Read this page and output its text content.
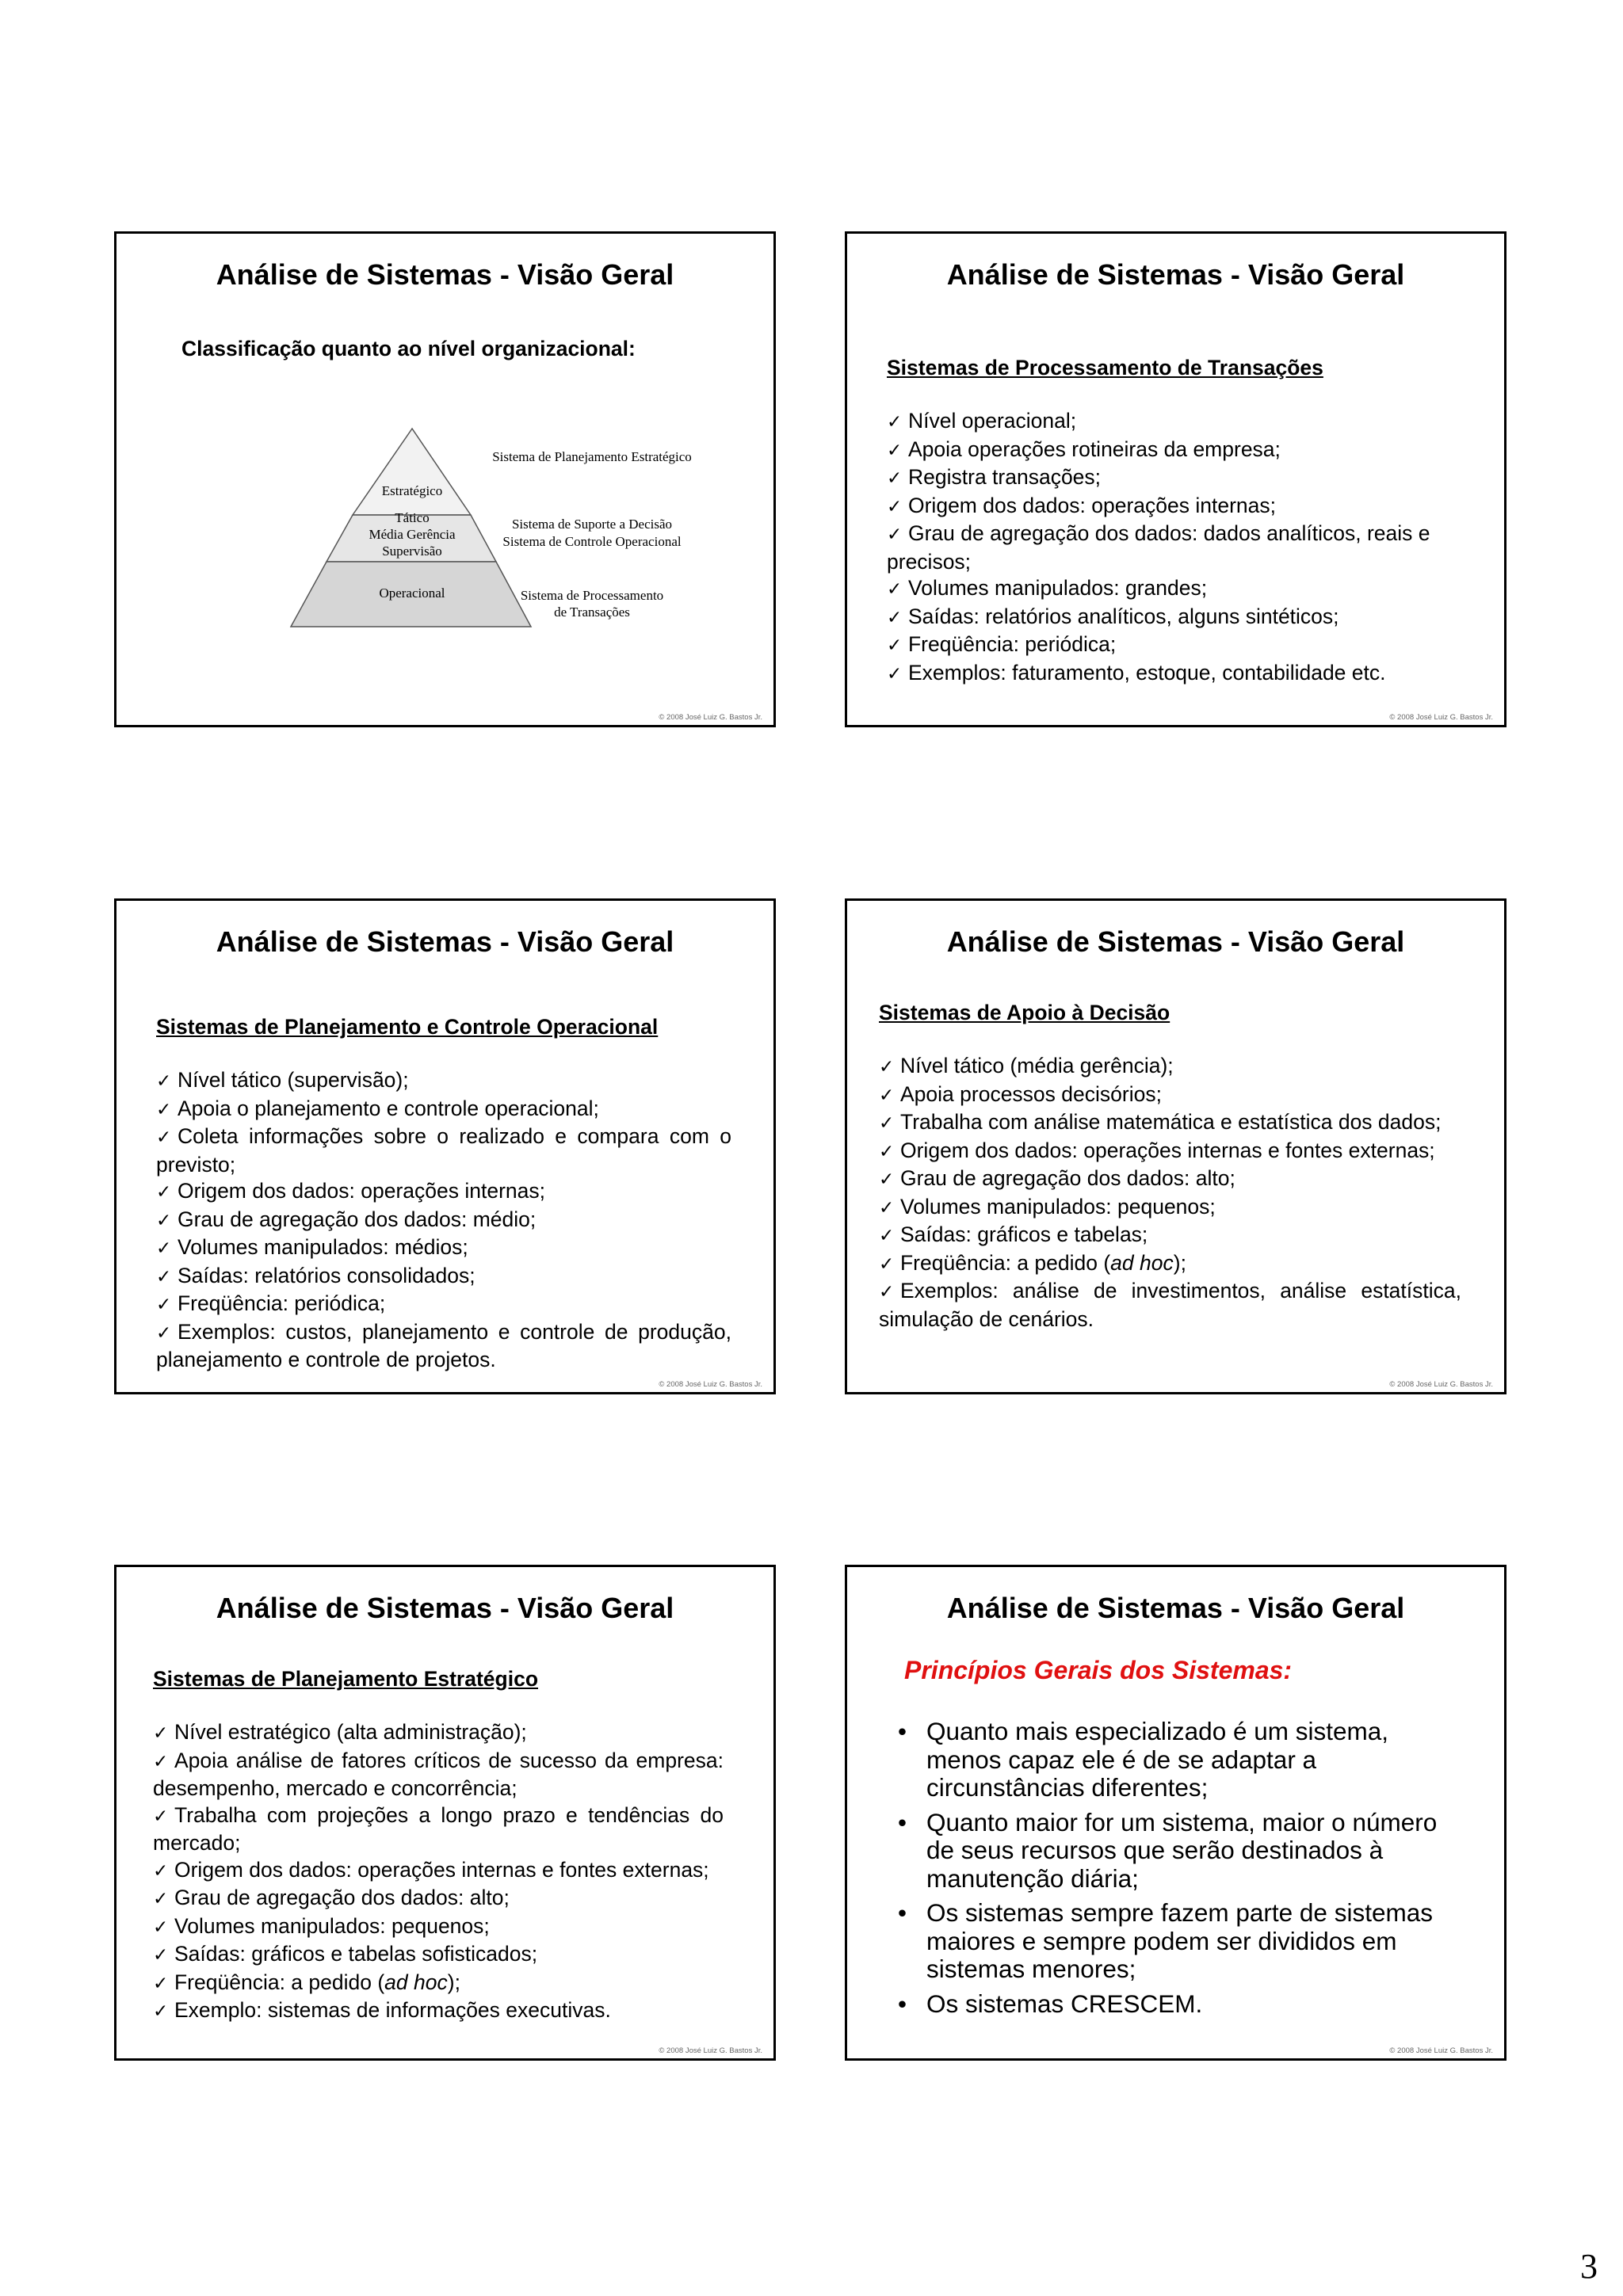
Análise de Sistemas - Visão Geral
Classificação quanto ao nível organizacional:
Estratégico
Tático
Média Gerência
Supervisão
Operacional
Sistema de Planejamento Estratégico
Sistema de Suporte a Decisão
Sistema de Controle Operacional
Sistema de Processamento
de Transações
© 2008 José Luiz G. Bastos Jr.
Análise de Sistemas - Visão Geral
Sistemas de Processamento de Transações
✓ Nível operacional;
✓ Apoia operações rotineiras da empresa;
✓ Registra transações;
✓ Origem dos dados: operações internas;
✓ Grau de agregação dos dados: dados analíticos, reais e precisos;
✓ Volumes manipulados: grandes;
✓ Saídas: relatórios analíticos, alguns sintéticos;
✓ Freqüência: periódica;
✓ Exemplos: faturamento, estoque, contabilidade etc.
© 2008 José Luiz G. Bastos Jr.
Análise de Sistemas - Visão Geral
Sistemas de Planejamento e Controle Operacional
✓ Nível tático (supervisão);
✓ Apoia o planejamento e controle operacional;
✓ Coleta informações sobre o realizado e compara com o previsto;
✓ Origem dos dados: operações internas;
✓ Grau de agregação dos dados: médio;
✓ Volumes manipulados: médios;
✓ Saídas: relatórios consolidados;
✓ Freqüência: periódica;
✓ Exemplos: custos, planejamento e controle de produção, planejamento e controle de projetos.
© 2008 José Luiz G. Bastos Jr.
Análise de Sistemas - Visão Geral
Sistemas de Apoio à Decisão
✓ Nível tático (média gerência);
✓ Apoia processos decisórios;
✓ Trabalha com análise matemática e estatística dos dados;
✓ Origem dos dados: operações internas e fontes externas;
✓ Grau de agregação dos dados: alto;
✓ Volumes manipulados: pequenos;
✓ Saídas: gráficos e tabelas;
✓ Freqüência: a pedido (ad hoc);
✓ Exemplos: análise de investimentos, análise estatística, simulação de cenários.
© 2008 José Luiz G. Bastos Jr.
Análise de Sistemas - Visão Geral
Sistemas de Planejamento Estratégico
✓ Nível estratégico (alta administração);
✓ Apoia análise de fatores críticos de sucesso da empresa: desempenho, mercado e concorrência;
✓ Trabalha com projeções a longo prazo e tendências do mercado;
✓ Origem dos dados: operações internas e fontes externas;
✓ Grau de agregação dos dados: alto;
✓ Volumes manipulados: pequenos;
✓ Saídas: gráficos e tabelas sofisticados;
✓ Freqüência: a pedido (ad hoc);
✓ Exemplo: sistemas de informações executivas.
© 2008 José Luiz G. Bastos Jr.
Análise de Sistemas - Visão Geral
Princípios Gerais dos Sistemas:
• Quanto mais especializado é um sistema, menos capaz ele é de se adaptar a circunstâncias diferentes;
• Quanto maior for um sistema, maior o número de seus recursos que serão destinados à manutenção diária;
• Os sistemas sempre fazem parte de sistemas maiores e sempre podem ser divididos em sistemas menores;
• Os sistemas CRESCEM.
© 2008 José Luiz G. Bastos Jr.
3
